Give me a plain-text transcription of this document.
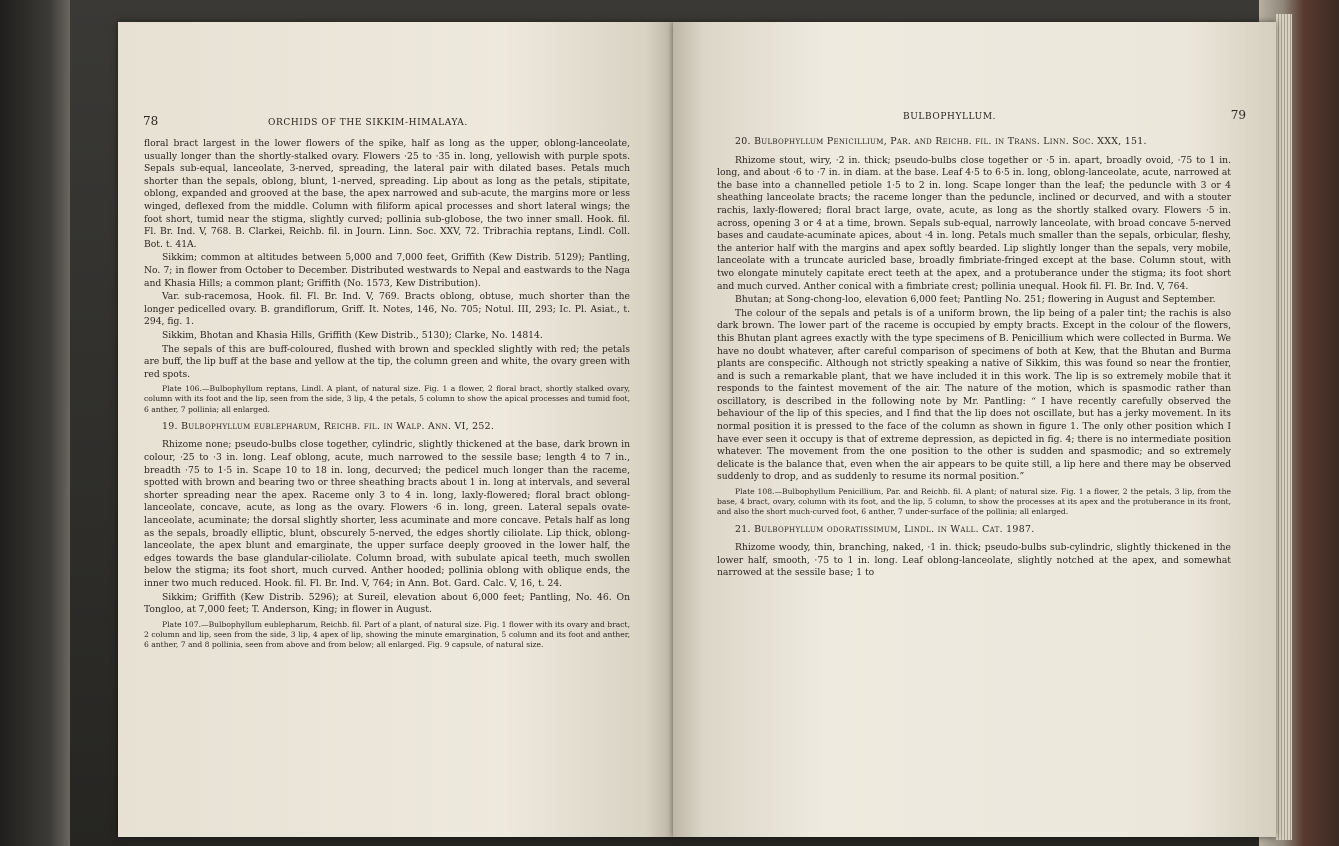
78	ORCHIDS OF THE SIKKIM-HIMALAYA.

floral bract largest in the lower flowers of the spike, half as long as the upper, oblong-lanceolate, usually longer than the shortly-stalked ovary. Flowers ·25 to ·35 in. long, yellowish with purple spots. Sepals sub-equal, lanceolate, 3-nerved, spreading, the lateral pair with dilated bases. Petals much shorter than the sepals, oblong, blunt, 1-nerved, spreading. Lip about as long as the petals, stipitate, oblong, expanded and grooved at the base, the apex narrowed and sub-acute, the margins more or less winged, deflexed from the middle. Column with filiform apical processes and short lateral wings; the foot short, tumid near the stigma, slightly curved; pollinia sub-globose, the two inner small. Hook. fil. Fl. Br. Ind. V, 768. B. Clarkei, Reichb. fil. in Journ. Linn. Soc. XXV, 72. Tribrachia reptans, Lindl. Coll. Bot. t. 41A.

Sikkim; common at altitudes between 5,000 and 7,000 feet, Griffith (Kew Distrib. 5129); Pantling, No. 7; in flower from October to December. Distributed westwards to Nepal and eastwards to the Naga and Khasia Hills; a common plant; Griffith (No. 1573, Kew Distribution).

Var. sub-racemosa, Hook. fil. Fl. Br. Ind. V, 769. Bracts oblong, obtuse, much shorter than the longer pedicelled ovary. B. grandiflorum, Griff. It. Notes, 146, No. 705; Notul. III, 293; Ic. Pl. Asiat., t. 294, fig. 1.

Sikkim, Bhotan and Khasia Hills, Griffith (Kew Distrib., 5130); Clarke, No. 14814.

The sepals of this are buff-coloured, flushed with brown and speckled slightly with red; the petals are buff, the lip buff at the base and yellow at the tip, the column green and white, the ovary green with red spots.

Plate 106.—Bulbophyllum reptans, Lindl. A plant, of natural size. Fig. 1 a flower, 2 floral bract, shortly stalked ovary, column with its foot and the lip, seen from the side, 3 lip, 4 the petals, 5 column to show the apical processes and tumid foot, 6 anther, 7 pollinia; all enlarged.

19. Bulbophyllum eublepharum, Reichb. fil. in Walp. Ann. VI, 252.

Rhizome none; pseudo-bulbs close together, cylindric, slightly thickened at the base, dark brown in colour, ·25 to ·3 in. long. Leaf oblong, acute, much narrowed to the sessile base; length 4 to 7 in., breadth ·75 to 1·5 in. Scape 10 to 18 in. long, decurved; the pedicel much longer than the raceme, spotted with brown and bearing two or three sheathing bracts about 1 in. long at intervals, and several shorter spreading near the apex. Raceme only 3 to 4 in. long, laxly-flowered; floral bract oblong-lanceolate, concave, acute, as long as the ovary. Flowers ·6 in. long, green. Lateral sepals ovate-lanceolate, acuminate; the dorsal slightly shorter, less acuminate and more concave. Petals half as long as the sepals, broadly elliptic, blunt, obscurely 5-nerved, the edges shortly ciliolate. Lip thick, oblong-lanceolate, the apex blunt and emarginate, the upper surface deeply grooved in the lower half, the edges towards the base glandular-ciliolate. Column broad, with subulate apical teeth, much swollen below the stigma; its foot short, much curved. Anther hooded; pollinia oblong with oblique ends, the inner two much reduced. Hook. fil. Fl. Br. Ind. V, 764; in Ann. Bot. Gard. Calc. V, 16, t. 24.

Sikkim; Griffith (Kew Distrib. 5296); at Sureil, elevation about 6,000 feet; Pantling, No. 46. On Tongloo, at 7,000 feet; T. Anderson, King; in flower in August.

Plate 107.—Bulbophyllum eublepharum, Reichb. fil. Part of a plant, of natural size. Fig. 1 flower with its ovary and bract, 2 column and lip, seen from the side, 3 lip, 4 apex of lip, showing the minute emargination, 5 column and its foot and anther, 6 anther, 7 and 8 pollinia, seen from above and from below; all enlarged. Fig. 9 capsule, of natural size.

BULBOPHYLLUM.	79
20. Bulbophyllum Penicillium, Par. and Reichb. fil. in Trans. Linn. Soc. XXX, 151.

Rhizome stout, wiry, ·2 in. thick; pseudo-bulbs close together or ·5 in. apart, broadly ovoid, ·75 to 1 in. long, and about ·6 to ·7 in. in diam. at the base. Leaf 4·5 to 6·5 in. long, oblong-lanceolate, acute, narrowed at the base into a channelled petiole 1·5 to 2 in. long. Scape longer than the leaf; the peduncle with 3 or 4 sheathing lanceolate bracts; the raceme longer than the peduncle, inclined or decurved, and with a stouter rachis, laxly-flowered; floral bract large, ovate, acute, as long as the shortly stalked ovary. Flowers ·5 in. across, opening 3 or 4 at a time, brown. Sepals sub-equal, narrowly lanceolate, with broad concave 5-nerved bases and caudate-acuminate apices, about ·4 in. long. Petals much smaller than the sepals, orbicular, fleshy, the anterior half with the margins and apex softly bearded. Lip slightly longer than the sepals, very mobile, lanceolate with a truncate auricled base, broadly fimbriate-fringed except at the base. Column stout, with two elongate minutely capitate erect teeth at the apex, and a protuberance under the stigma; its foot short and much curved. Anther conical with a fimbriate crest; pollinia unequal. Hook fil. Fl. Br. Ind. V, 764.

Bhutan; at Song-chong-loo, elevation 6,000 feet; Pantling No. 251; flowering in August and September.

The colour of the sepals and petals is of a uniform brown, the lip being of a paler tint; the rachis is also dark brown. The lower part of the raceme is occupied by empty bracts. Except in the colour of the flowers, this Bhutan plant agrees exactly with the type specimens of B. Penicillium which were collected in Burma. We have no doubt whatever, after careful comparison of specimens of both at Kew, that the Bhutan and Burma plants are conspecific. Although not strictly speaking a native of Sikkim, this was found so near the frontier, and is such a remarkable plant, that we have included it in this work. The lip is so extremely mobile that it responds to the faintest movement of the air. The nature of the motion, which is spasmodic rather than oscillatory, is described in the following note by Mr. Pantling: “ I have recently carefully observed the behaviour of the lip of this species, and I find that the lip does not oscillate, but has a jerky movement. In its normal position it is pressed to the face of the column as shown in figure 1. The only other position which I have ever seen it occupy is that of extreme depression, as depicted in fig. 4; there is no intermediate position whatever. The movement from the one position to the other is sudden and spasmodic; and so extremely delicate is the balance that, even when the air appears to be quite still, a lip here and there may be observed suddenly to drop, and as suddenly to resume its normal position.”

Plate 108.—Bulbophyllum Penicillium, Par. and Reichb. fil. A plant; of natural size. Fig. 1 a flower, 2 the petals, 3 lip, from the base, 4 bract, ovary, column with its foot, and the lip, 5 column, to show the processes at its apex and the protuberance in its front, and also the short much-curved foot, 6 anther, 7 under-surface of the pollinia; all enlarged.

21. Bulbophyllum odoratissimum, Lindl. in Wall. Cat. 1987.

Rhizome woody, thin, branching, naked, ·1 in. thick; pseudo-bulbs sub-cylindric, slightly thickened in the lower half, smooth, ·75 to 1 in. long. Leaf oblong-lanceolate, slightly notched at the apex, and somewhat narrowed at the sessile base; 1 to
